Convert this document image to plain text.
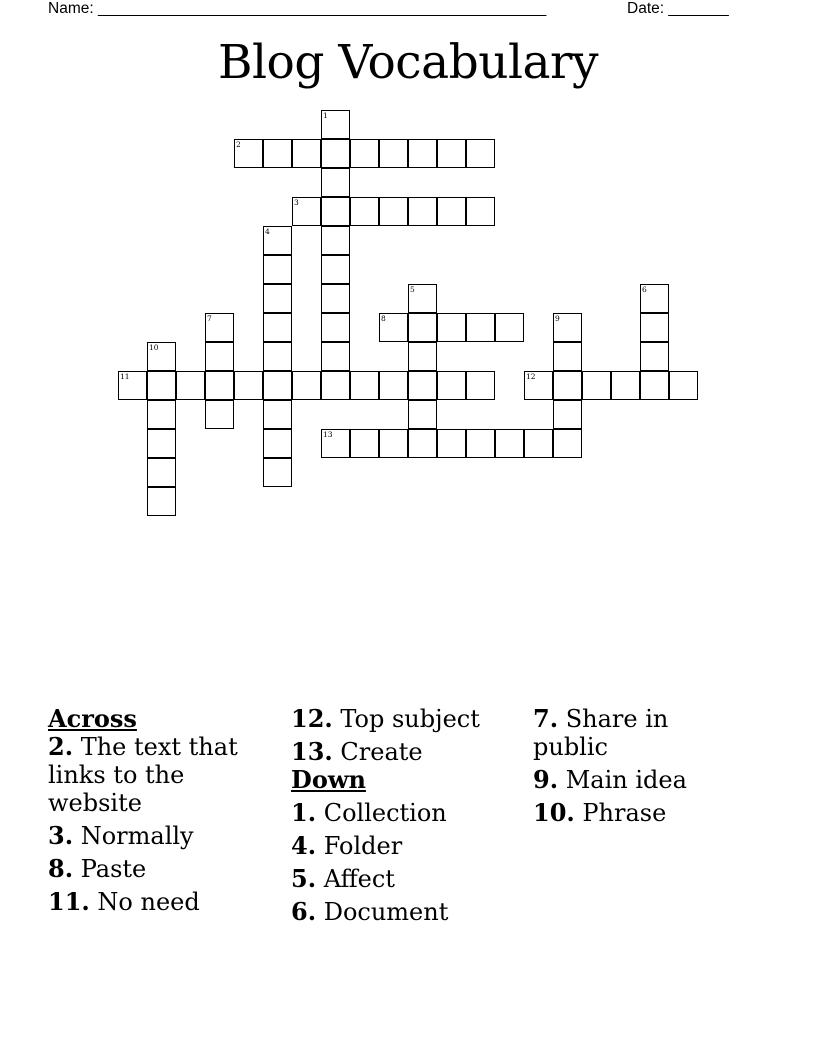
Name: ____________________________________________________	Date: _______
Blog Vocabulary
2
3
8
11	12
13
1
4
5	6
7	9
10

Across

2. The text that links to the website

3. Normally

8. Paste

11. No need

12. Top subject

13. Create

Down

1. Collection

4. Folder

5. Affect

6. Document

7. Share in public

9. Main idea

10. Phrase
